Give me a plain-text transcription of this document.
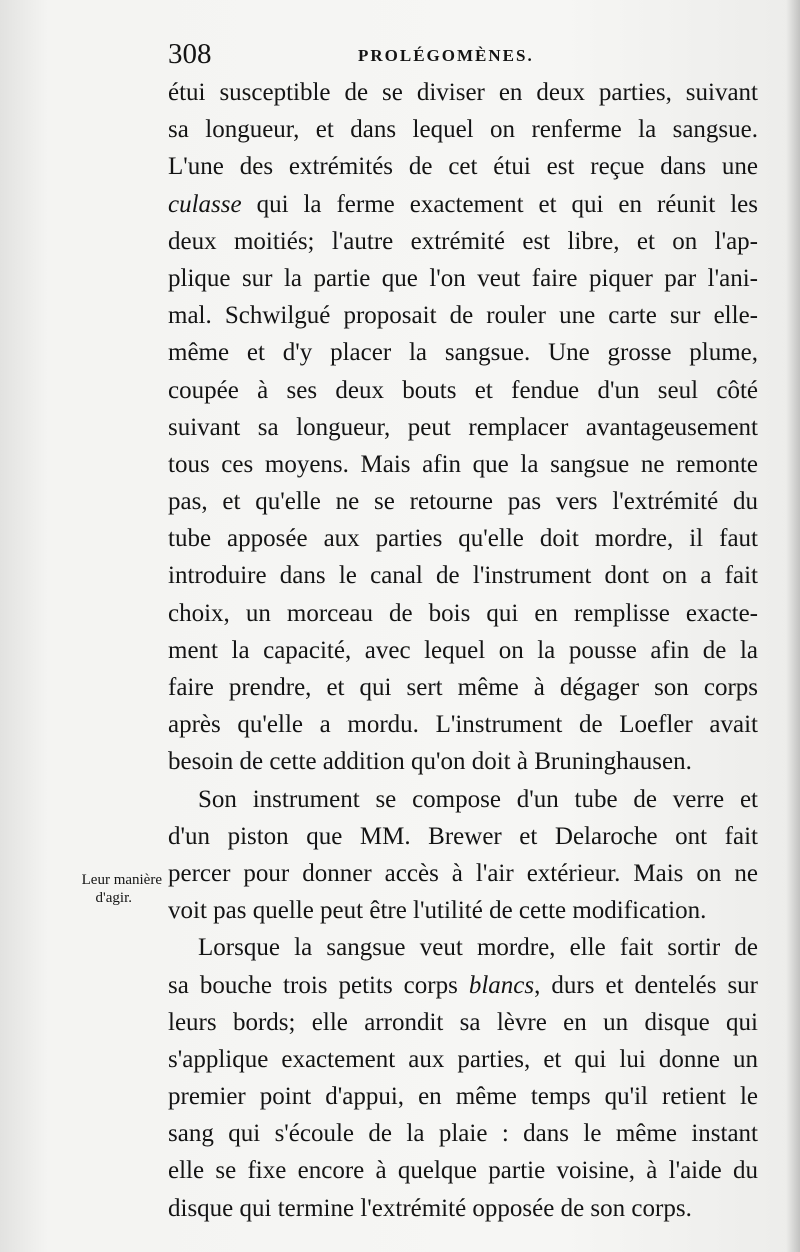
308	PROLÉGOMÈNES.
Leur manière
d'agir.
étui susceptible de se diviser en deux parties, suivant
sa longueur, et dans lequel on renferme la sangsue.
L'une des extrémités de cet étui est reçue dans une
culasse qui la ferme exactement et qui en réunit les
deux moitiés; l'autre extrémité est libre, et on l'ap-
plique sur la partie que l'on veut faire piquer par l'ani-
mal. Schwilgué proposait de rouler une carte sur elle-
même et d'y placer la sangsue. Une grosse plume,
coupée à ses deux bouts et fendue d'un seul côté
suivant sa longueur, peut remplacer avantageusement
tous ces moyens. Mais afin que la sangsue ne remonte
pas, et qu'elle ne se retourne pas vers l'extrémité du
tube apposée aux parties qu'elle doit mordre, il faut
introduire dans le canal de l'instrument dont on a fait
choix, un morceau de bois qui en remplisse exacte-
ment la capacité, avec lequel on la pousse afin de la
faire prendre, et qui sert même à dégager son corps
après qu'elle a mordu. L'instrument de Loefler avait
besoin de cette addition qu'on doit à Bruninghausen.
Son instrument se compose d'un tube de verre et
d'un piston que MM. Brewer et Delaroche ont fait
percer pour donner accès à l'air extérieur. Mais on ne
voit pas quelle peut être l'utilité de cette modification.
Lorsque la sangsue veut mordre, elle fait sortir de
sa bouche trois petits corps blancs, durs et dentelés sur
leurs bords; elle arrondit sa lèvre en un disque qui
s'applique exactement aux parties, et qui lui donne un
premier point d'appui, en même temps qu'il retient le
sang qui s'écoule de la plaie : dans le même instant
elle se fixe encore à quelque partie voisine, à l'aide du
disque qui termine l'extrémité opposée de son corps.
